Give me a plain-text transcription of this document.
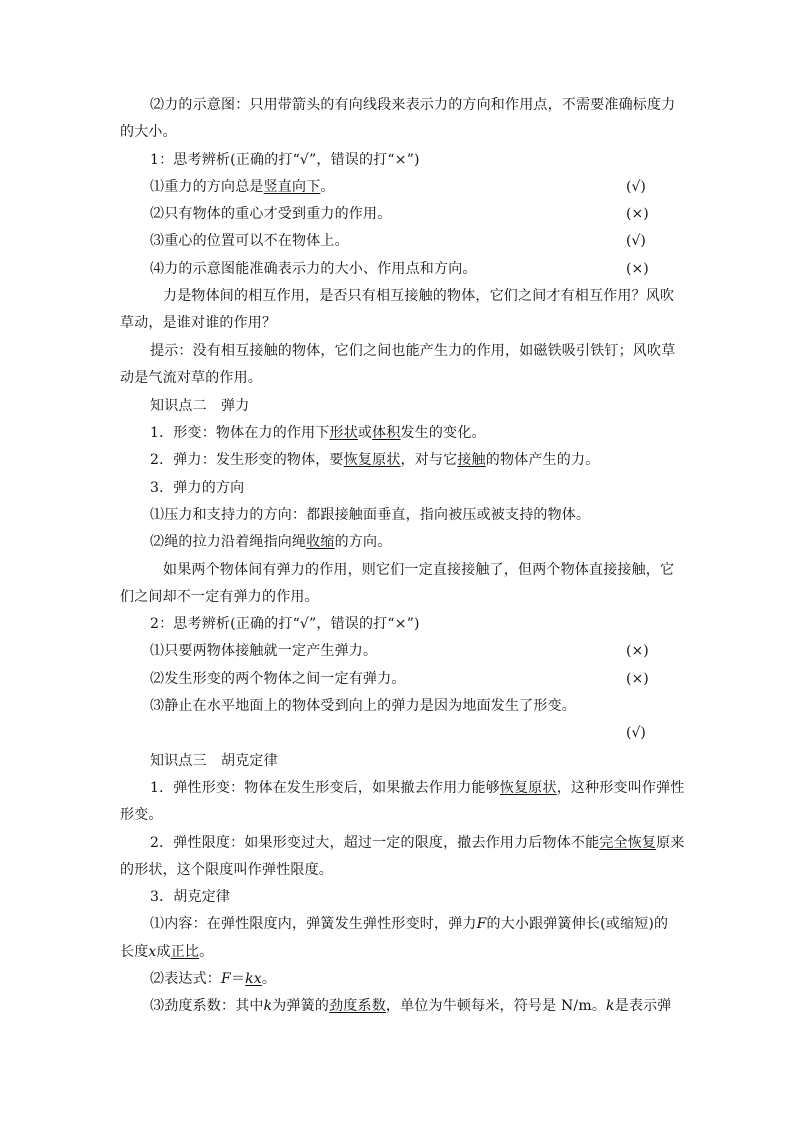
⑵力的示意图：只用带箭头的有向线段来表示力的方向和作用点，不需要准确标度力
的大小。
1：思考辨析(正确的打“√”，错误的打“×”)
⑴重力的方向总是竖直向下。	(√)
⑵只有物体的重心才受到重力的作用。	(×)
⑶重心的位置可以不在物体上。	(√)
⑷力的示意图能准确表示力的大小、作用点和方向。	(×)
力是物体间的相互作用，是否只有相互接触的物体，它们之间才有相互作用？风吹
草动，是谁对谁的作用？
提示：没有相互接触的物体，它们之间也能产生力的作用，如磁铁吸引铁钉；风吹草
动是气流对草的作用。
知识点二　弹力
1．形变：物体在力的作用下形状或体积发生的变化。
2．弹力：发生形变的物体，要恢复原状，对与它接触的物体产生的力。
3．弹力的方向
⑴压力和支持力的方向：都跟接触面垂直，指向被压或被支持的物体。
⑵绳的拉力沿着绳指向绳收缩的方向。
如果两个物体间有弹力的作用，则它们一定直接接触了，但两个物体直接接触，它
们之间却不一定有弹力的作用。
2：思考辨析(正确的打“√”，错误的打“×”)
⑴只要两物体接触就一定产生弹力。	(×)
⑵发生形变的两个物体之间一定有弹力。	(×)
⑶静止在水平地面上的物体受到向上的弹力是因为地面发生了形变。
(√)
知识点三　胡克定律
1．弹性形变：物体在发生形变后，如果撤去作用力能够恢复原状，这种形变叫作弹性
形变。
2．弹性限度：如果形变过大，超过一定的限度，撤去作用力后物体不能完全恢复原来
的形状，这个限度叫作弹性限度。
3．胡克定律
⑴内容：在弹性限度内，弹簧发生弹性形变时，弹力F的大小跟弹簧伸长(或缩短)的
长度x成正比。
⑵表达式：F＝kx。
⑶劲度系数：其中k为弹簧的劲度系数，单位为牛顿每米，符号是 N/m。k是表示弹
